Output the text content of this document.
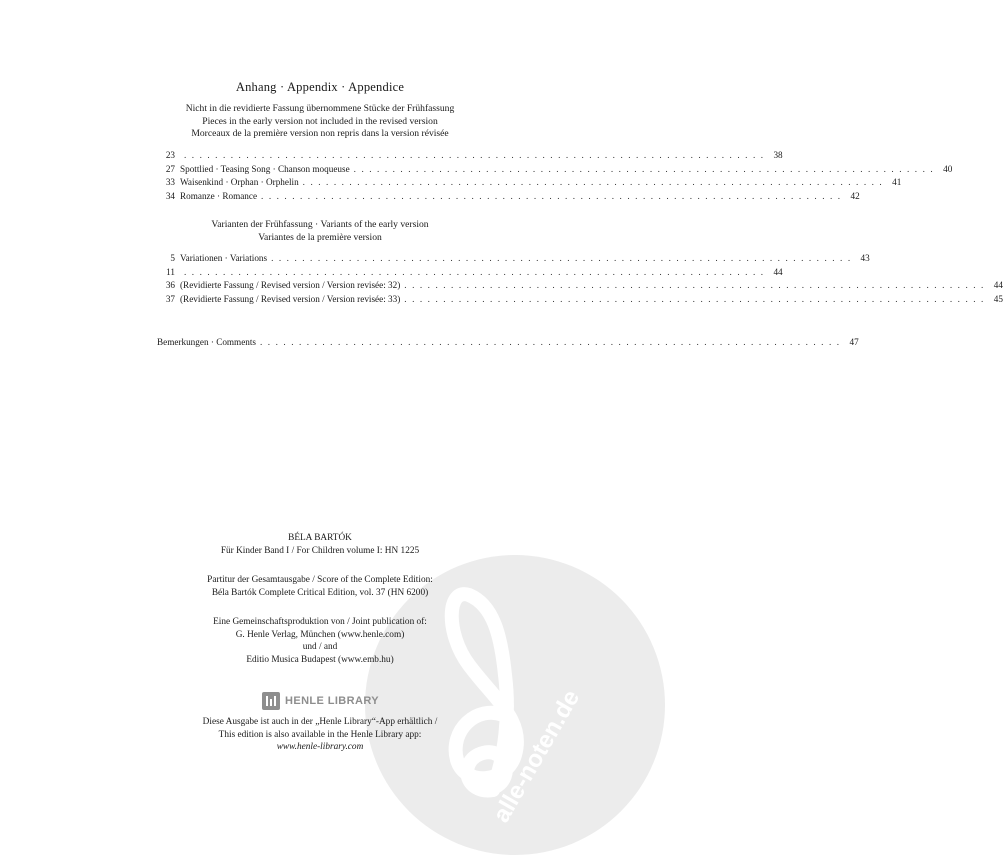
Anhang · Appendix · Appendice
Nicht in die revidierte Fassung übernommene Stücke der Frühfassung
Pieces in the early version not included in the revised version
Morceaux de la première version non repris dans la version révisée
23 . . . . . . . . . . . . . . . . . . . . . . . . . . . . . . . . . . . . . . . . . . . . . . . . . . . . . . . . . . . . . . . . . . . . . . . . . . . 38
27 Spottlied · Teasing Song · Chanson moqueuse . . . . . . . . . . . . . . . . . . . . . . . . . . . . . . . . . . . . . . . . . . . . . . . . . . . . . . . . . . . . . . . . . . . . . . . . . . . 40
33 Waisenkind · Orphan · Orphelin . . . . . . . . . . . . . . . . . . . . . . . . . . . . . . . . . . . . . . . . . . . . . . . . . . . . . . . . . . . . . . . . . . . . . . . . . . . 41
34 Romanze · Romance . . . . . . . . . . . . . . . . . . . . . . . . . . . . . . . . . . . . . . . . . . . . . . . . . . . . . . . . . . . . . . . . . . . . . . . . . . . 42
Varianten der Frühfassung · Variants of the early version
Variantes de la première version
5 Variationen · Variations . . . . . . . . . . . . . . . . . . . . . . . . . . . . . . . . . . . . . . . . . . . . . . . . . . . . . . . . . . . . . . . . . . . . . . . . . . . 43
11 . . . . . . . . . . . . . . . . . . . . . . . . . . . . . . . . . . . . . . . . . . . . . . . . . . . . . . . . . . . . . . . . . . . . . . . . . . . 44
36 (Revidierte Fassung / Revised version / Version revisée: 32) . . . . . . . . . . . . . . . . . . . . . . . . . . . . . . . . . . . . . . . . . . . . . . . . . . . . . . . . . . . . . . . . . . . . . . . . . . . 44
37 (Revidierte Fassung / Revised version / Version revisée: 33) . . . . . . . . . . . . . . . . . . . . . . . . . . . . . . . . . . . . . . . . . . . . . . . . . . . . . . . . . . . . . . . . . . . . . . . . . . . 45
Bemerkungen · Comments . . . . . . . . . . . . . . . . . . . . . . . . . . . . . . . . . . . . . . . . . . . . . . . . . . . . . . . . . . . . . . . . . . . . . . . . . . . 47
alle-noten.de
BÉLA BARTÓK
Für Kinder Band I / For Children volume I: HN 1225
Partitur der Gesamtausgabe / Score of the Complete Edition:
Béla Bartók Complete Critical Edition, vol. 37 (HN 6200)
Eine Gemeinschaftsproduktion von / Joint publication of:
G. Henle Verlag, München (www.henle.com)
und / and
Editio Musica Budapest (www.emb.hu)
HENLE LIBRARY
Diese Ausgabe ist auch in der „Henle Library“-App erhältlich /
This edition is also available in the Henle Library app:
www.henle-library.com
